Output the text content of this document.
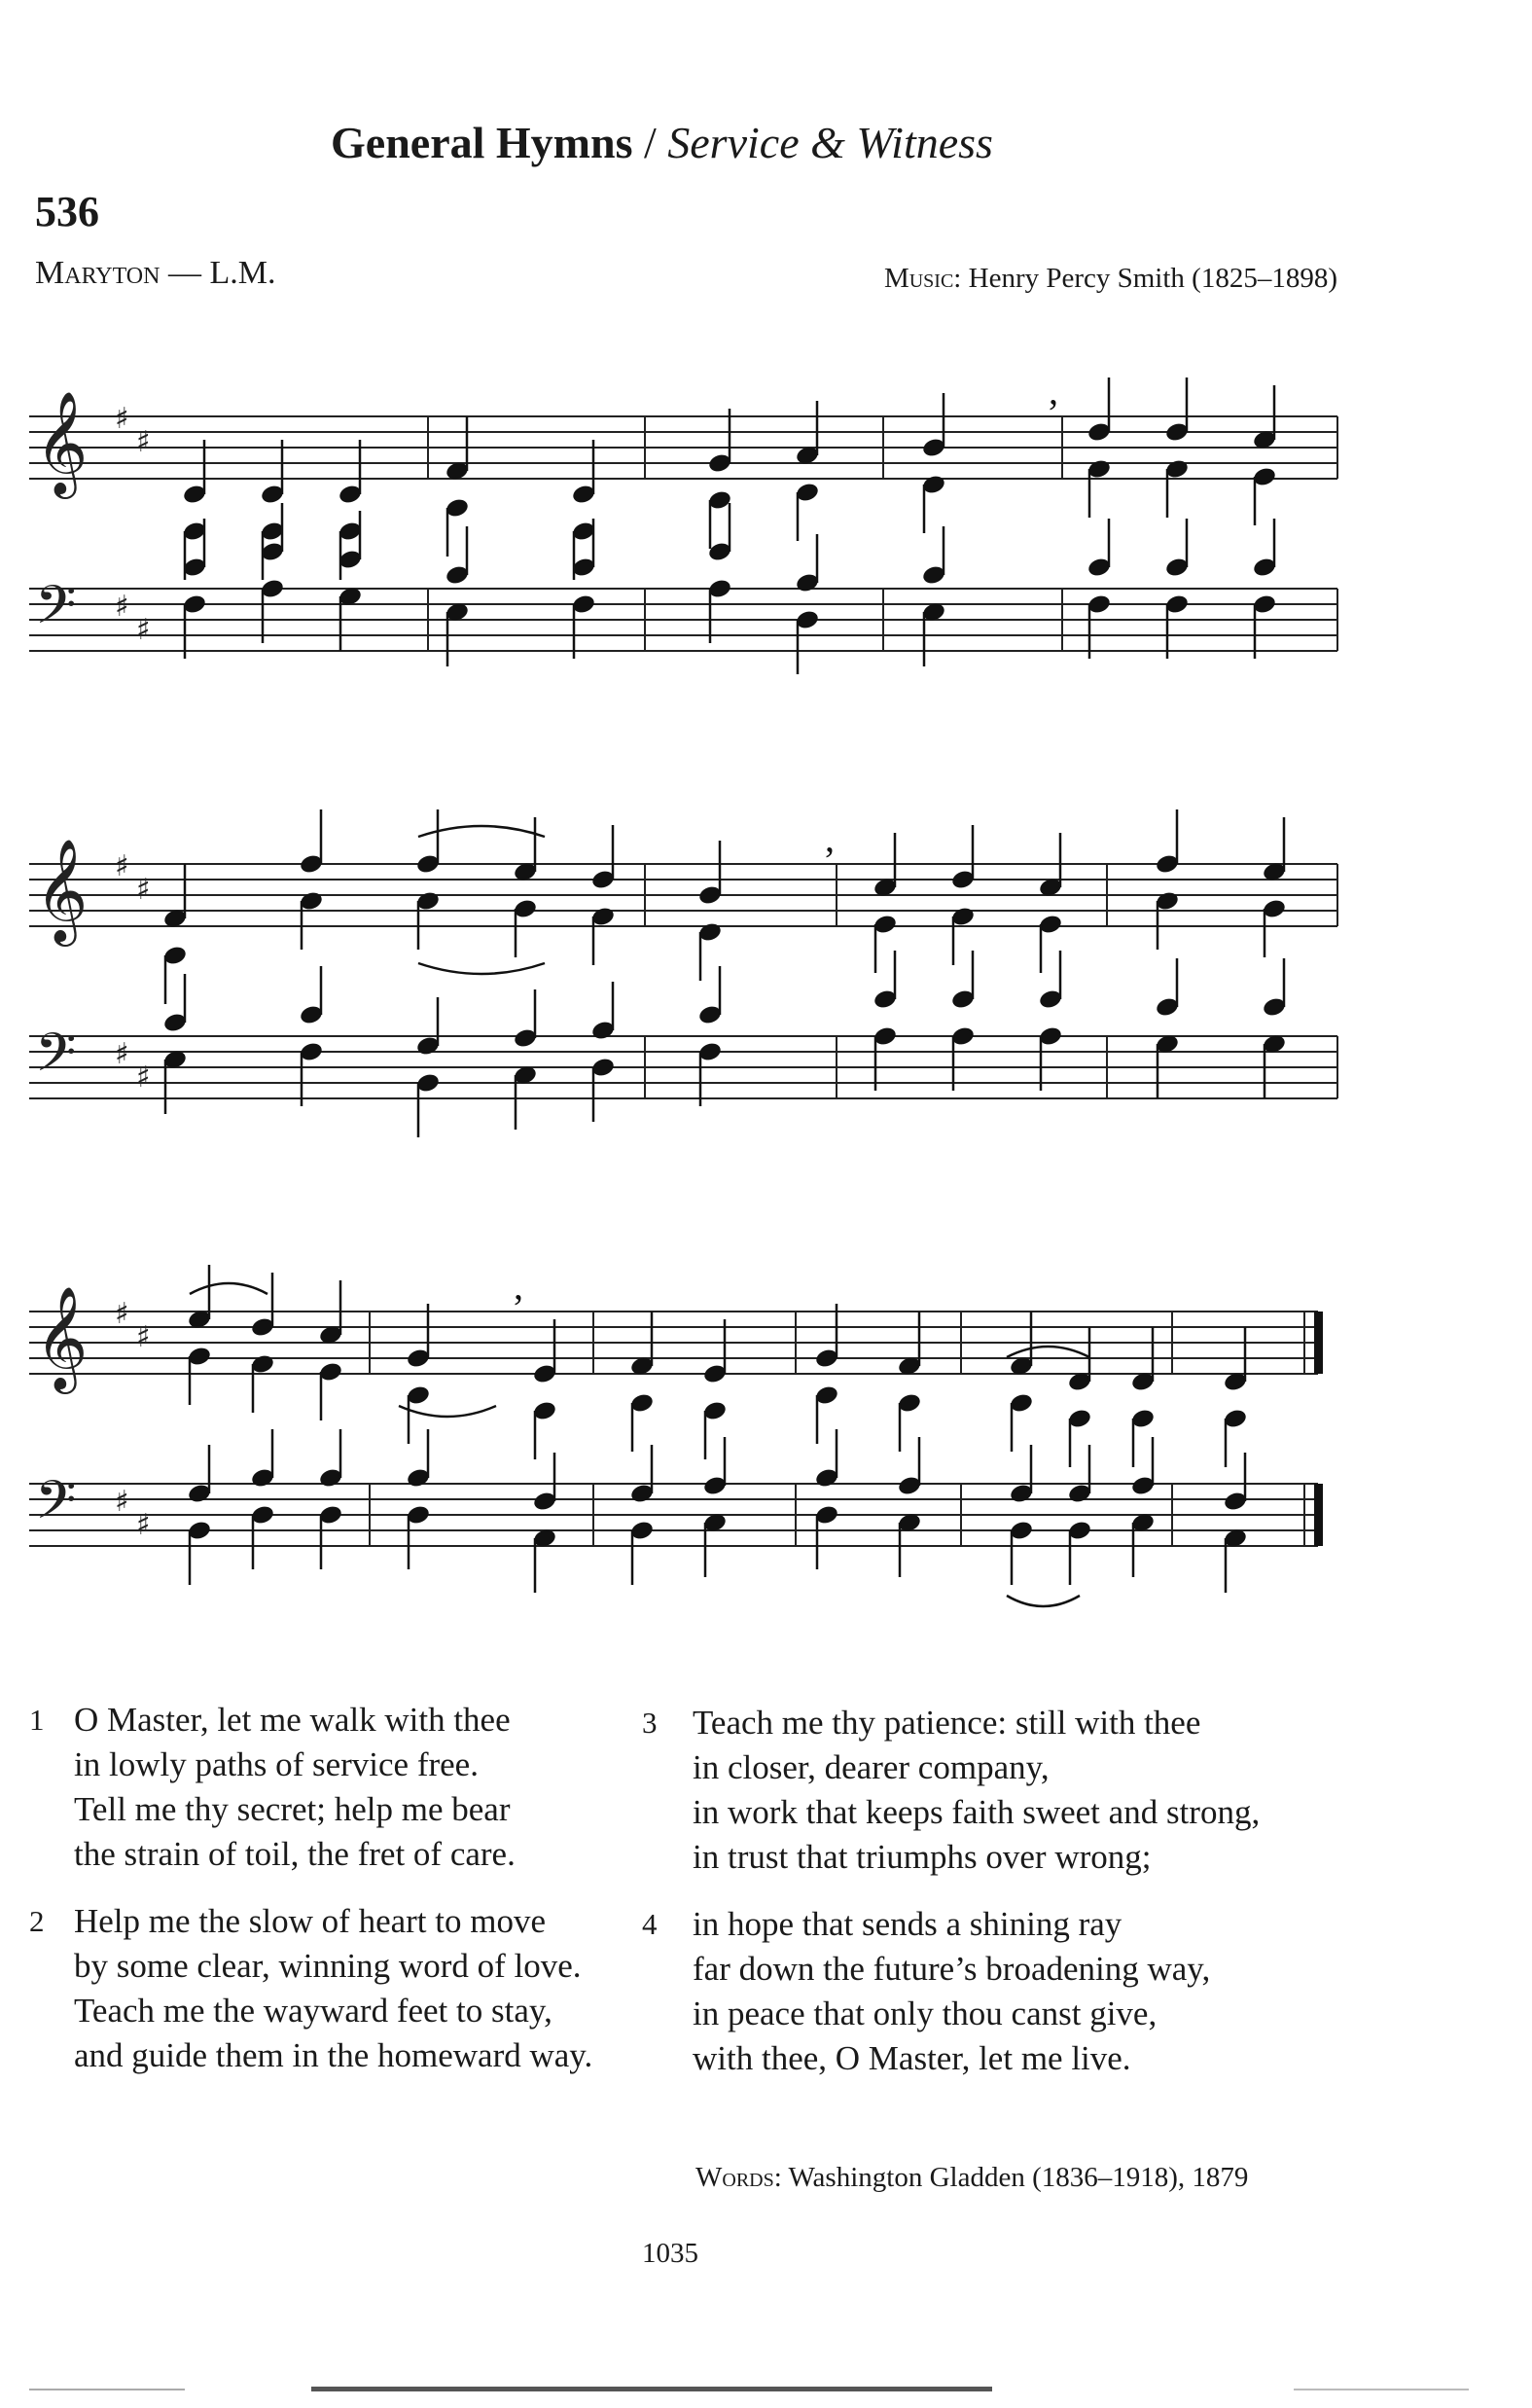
General Hymns / Service & Witness
536
Maryton — L.M.	Music: Henry Percy Smith (1825–1898)
𝄞 ♯
♯
𝄢 ♯
♯
,
𝄞 ♯
♯
𝄢 ♯
♯
,
𝄞 ♯
♯
𝄢 ♯
♯
,
1 O Master, let me walk with thee
in lowly paths of service free.
Tell me thy secret; help me bear
the strain of toil, the fret of care.
2 Help me the slow of heart to move
by some clear, winning word of love.
Teach me the wayward feet to stay,
and guide them in the homeward way.
3 Teach me thy patience: still with thee
in closer, dearer company,
in work that keeps faith sweet and strong,
in trust that triumphs over wrong;
4 in hope that sends a shining ray
far down the future’s broadening way,
in peace that only thou canst give,
with thee, O Master, let me live.
Words: Washington Gladden (1836–1918), 1879
1035
